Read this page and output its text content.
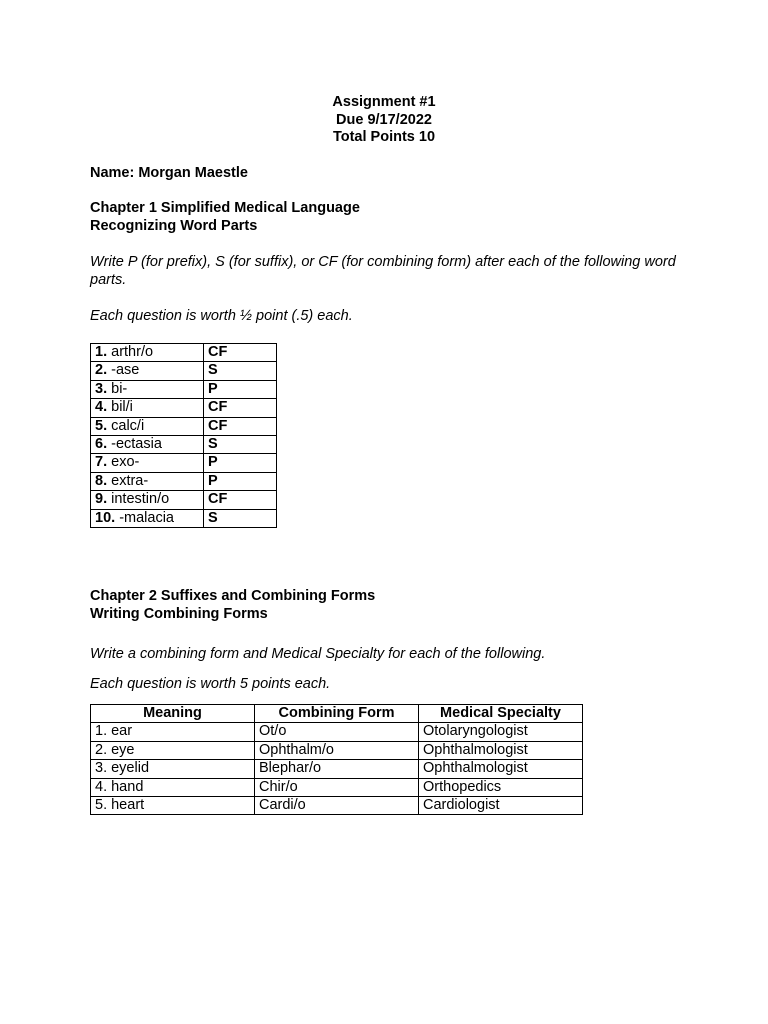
Assignment #1
Due 9/17/2022
Total Points 10
Name: Morgan Maestle
Chapter 1 Simplified Medical Language
Recognizing Word Parts
Write P (for prefix), S (for suffix), or CF (for combining form) after each of the following word parts.
Each question is worth ½ point (.5) each.
1. arthr/o	CF
2. -ase	S
3. bi-	P
4. bil/i	CF
5. calc/i	CF
6. -ectasia	S
7. exo-	P
8. extra-	P
9. intestin/o	CF
10. -malacia	S
Chapter 2 Suffixes and Combining Forms
Writing Combining Forms
Write a combining form and Medical Specialty for each of the following.
Each question is worth 5 points each.
Meaning	Combining Form	Medical Specialty
1. ear	Ot/o	Otolaryngologist
2. eye	Ophthalm/o	Ophthalmologist
3. eyelid	Blephar/o	Ophthalmologist
4. hand	Chir/o	Orthopedics
5. heart	Cardi/o	Cardiologist
